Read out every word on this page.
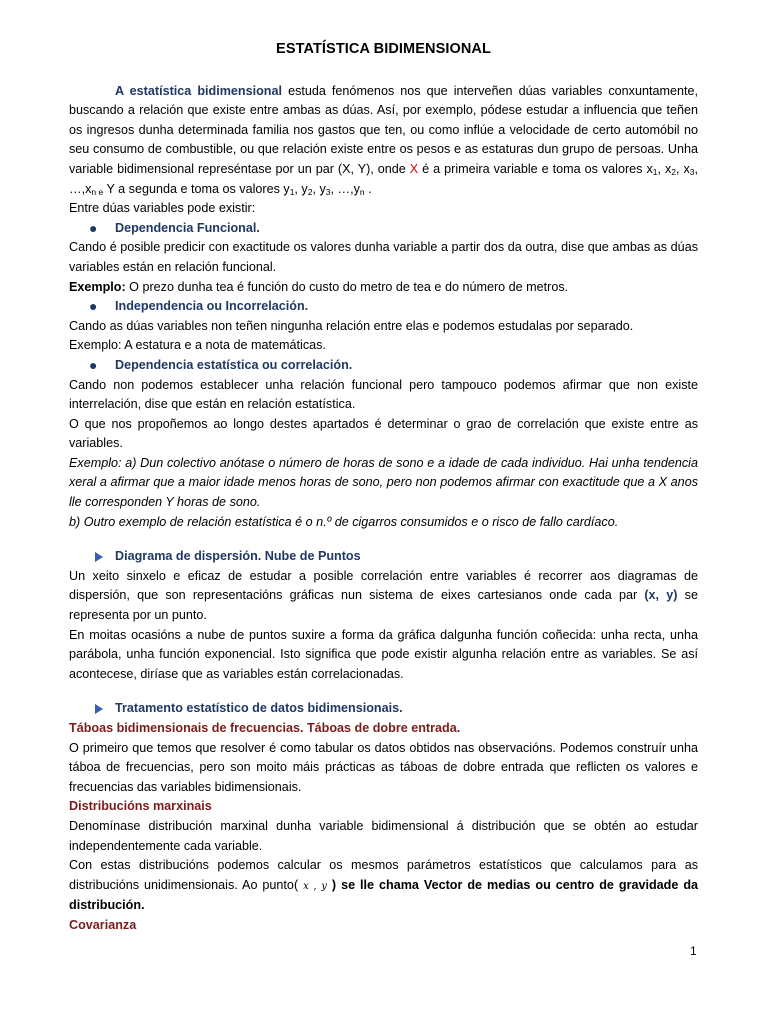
ESTATÍSTICA BIDIMENSIONAL

A estatística bidimensional estuda fenómenos nos que interveñen dúas variables conxuntamente, buscando a relación que existe entre ambas as dúas. Así, por exemplo, pódese estudar a influencia que teñen os ingresos dunha determinada familia nos gastos que ten, ou como inflúe a velocidade de certo automóbil no seu consumo de combustible, ou que relación existe entre os pesos e as estaturas dun grupo de persoas. Unha variable bidimensional represéntase por un par (X, Y), onde X é a primeira variable e toma os valores $x_1$, $x_2$, $x_3$, $\dots,x_{n e}$ Y a segunda e toma os valores $y_1$, $y_2$, $y_3$, $\dots,y_n$ .

Entre dúas variables pode existir:

●	Dependencia Funcional.

Cando é posible predicir con exactitude os valores dunha variable a partir dos da outra, dise que ambas as dúas variables están en relación funcional.

Exemplo: O prezo dunha tea é función do custo do metro de tea e do número de metros.

●	Independencia ou Incorrelación.

Cando as dúas variables non teñen ningunha relación entre elas e podemos estudalas por separado.

Exemplo: A estatura e a nota de matemáticas.

●	Dependencia estatística ou correlación.

Cando non podemos establecer unha relación funcional pero tampouco podemos afirmar que non existe interrelación, dise que están en relación estatística.

O que nos propoñemos ao longo destes apartados é determinar o grao de correlación que existe entre as variables.

Exemplo: a) Dun colectivo anótase o número de horas de sono e a idade de cada individuo. Hai unha tendencia xeral a afirmar que a maior idade menos horas de sono, pero non podemos afirmar con exactitude que a X anos lle corresponden Y horas de sono.

b) Outro exemplo de relación estatística é o n.º de cigarros consumidos e o risco de fallo cardíaco.

Diagrama de dispersión. Nube de Puntos

Un xeito sinxelo e eficaz de estudar a posible correlación entre variables é recorrer aos diagramas de dispersión, que son representacións gráficas nun sistema de eixes cartesianos onde cada par (x, y) se representa por un punto.

En moitas ocasións a nube de puntos suxire a forma da gráfica dalgunha función coñecida: unha recta, unha parábola, unha función exponencial. Isto significa que pode existir algunha relación entre as variables. Se así acontecese, diríase que as variables están correlacionadas.

Tratamento estatístico de datos bidimensionais.

Táboas bidimensionais de frecuencias. Táboas de dobre entrada.

O primeiro que temos que resolver é como tabular os datos obtidos nas observacións. Podemos construír unha táboa de frecuencias, pero son moito máis prácticas as táboas de dobre entrada que reflicten os valores e frecuencias das variables bidimensionais.

Distribucións marxinais

Denomínase distribución marxinal dunha variable bidimensional á distribución que se obtén ao estudar independentemente cada variable.

Con estas distribucións podemos calcular os mesmos parámetros estatísticos que calculamos para as distribucións unidimensionais. Ao punto( x , y ) se lle chama Vector de medias ou centro de gravidade da distribución.

Covarianza

1
